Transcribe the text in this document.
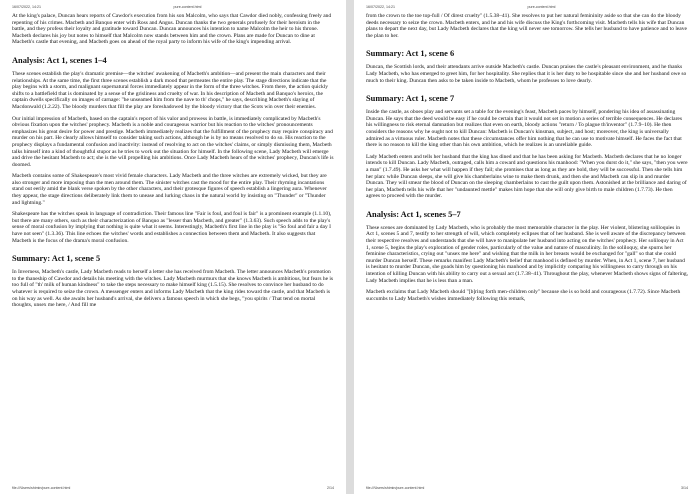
16/07/2022, 14:21	pure-content.html

At the king's palace, Duncan hears reports of Cawdor's execution from his son Malcolm, who says that Cawdor died nobly, confessing freely and repenting of his crimes. Macbeth and Banquo enter with Ross and Angus. Duncan thanks the two generals profusely for their heroism in the battle, and they profess their loyalty and gratitude toward Duncan. Duncan announces his intention to name Malcolm the heir to his throne. Macbeth declares his joy but notes to himself that Malcolm now stands between him and the crown. Plans are made for Duncan to dine at Macbeth's castle that evening, and Macbeth goes on ahead of the royal party to inform his wife of the king's impending arrival.

Analysis: Act 1, scenes 1–4

These scenes establish the play's dramatic premise—the witches' awakening of Macbeth's ambition—and present the main characters and their relationships. At the same time, the first three scenes establish a dark mood that permeates the entire play. The stage directions indicate that the play begins with a storm, and malignant supernatural forces immediately appear in the form of the three witches. From there, the action quickly shifts to a battlefield that is dominated by a sense of the grisliness and cruelty of war. In his description of Macbeth and Banquo's heroics, the captain dwells specifically on images of carnage: "he unseamed him from the nave to th' chops," he says, describing Macbeth's slaying of Macdonwald (1.2.22). The bloody murders that fill the play are foreshadowed by the bloody victory that the Scots win over their enemies.

Our initial impression of Macbeth, based on the captain's report of his valor and prowess in battle, is immediately complicated by Macbeth's obvious fixation upon the witches' prophecy. Macbeth is a noble and courageous warrior but his reaction to the witches' pronouncements emphasizes his great desire for power and prestige. Macbeth immediately realizes that the fulfillment of the prophecy may require conspiracy and murder on his part. He clearly allows himself to consider taking such actions, although he is by no means resolved to do so. His reaction to the prophecy displays a fundamental confusion and inactivity: instead of resolving to act on the witches' claims, or simply dismissing them, Macbeth talks himself into a kind of thoughtful stupor as he tries to work out the situation for himself. In the following scene, Lady Macbeth will emerge and drive the hesitant Macbeth to act; she is the will propelling his ambitions. Once Lady Macbeth hears of the witches' prophecy, Duncan's life is doomed.

Macbeth contains some of Shakespeare's most vivid female characters. Lady Macbeth and the three witches are extremely wicked, but they are also stronger and more imposing than the men around them. The sinister witches cast the mood for the entire play. Their rhyming incantations stand out eerily amid the blank verse spoken by the other characters, and their grotesque figures of speech establish a lingering aura. Whenever they appear, the stage directions deliberately link them to unease and lurking chaos in the natural world by insisting on "Thunder" or "Thunder and lightning."

Shakespeare has the witches speak in language of contradiction. Their famous line "Fair is foul, and foul is fair" is a prominent example (1.1.10), but there are many others, such as their characterization of Banquo as "lesser than Macbeth, and greater" (1.3.63). Such speech adds to the play's sense of moral confusion by implying that nothing is quite what it seems. Interestingly, Macbeth's first line in the play is "So foul and fair a day I have not seen" (1.3.36). This line echoes the witches' words and establishes a connection between them and Macbeth. It also suggests that Macbeth is the focus of the drama's moral confusion.

Summary: Act 1, scene 5

In Inverness, Macbeth's castle, Lady Macbeth reads to herself a letter she has received from Macbeth. The letter announces Macbeth's promotion to the thaneship of Cawdor and details his meeting with the witches. Lady Macbeth murmurs that she knows Macbeth is ambitious, but fears he is too full of "th' milk of human kindness" to take the steps necessary to make himself king (1.5.15). She resolves to convince her husband to do whatever is required to seize the crown. A messenger enters and informs Lady Macbeth that the king rides toward the castle, and that Macbeth is on his way as well. As she awaits her husband's arrival, she delivers a famous speech in which she begs, "you spirits / That tend on mortal thoughts, unsex me here, / And fill me

file:///Users/shimin/pure-content.html	2/14
16/07/2022, 14:21	pure-content.html

from the crown to the toe top-full / Of direst cruelty" (1.5.38–41). She resolves to put her natural femininity aside so that she can do the bloody deeds necessary to seize the crown. Macbeth enters, and he and his wife discuss the King's forthcoming visit. Macbeth tells his wife that Duncan plans to depart the next day, but Lady Macbeth declares that the king will never see tomorrow. She tells her husband to have patience and to leave the plan to her.

Summary: Act 1, scene 6

Duncan, the Scottish lords, and their attendants arrive outside Macbeth's castle. Duncan praises the castle's pleasant environment, and he thanks Lady Macbeth, who has emerged to greet him, for her hospitality. She replies that it is her duty to be hospitable since she and her husband owe so much to their king. Duncan then asks to be taken inside to Macbeth, whom he professes to love dearly.

Summary: Act 1, scene 7

Inside the castle, as oboes play and servants set a table for the evening's feast, Macbeth paces by himself, pondering his idea of assassinating Duncan. He says that the deed would be easy if he could be certain that it would not set in motion a series of terrible consequences. He declares his willingness to risk eternal damnation but realizes that even on earth, bloody actions "return / To plague th'inventor" (1.7.9–10). He then considers the reasons why he ought not to kill Duncan: Macbeth is Duncan's kinsman, subject, and host; moreover, the king is universally admired as a virtuous ruler. Macbeth notes that these circumstances offer him nothing that he can use to motivate himself. He faces the fact that there is no reason to kill the king other than his own ambition, which he realizes is an unreliable guide.

Lady Macbeth enters and tells her husband that the king has dined and that he has been asking for Macbeth. Macbeth declares that he no longer intends to kill Duncan. Lady Macbeth, outraged, calls him a coward and questions his manhood: "When you durst do it," she says, "then you were a man" (1.7.49). He asks her what will happen if they fail; she promises that as long as they are bold, they will be successful. Then she tells him her plan: while Duncan sleeps, she will give his chamberlains wine to make them drunk, and then she and Macbeth can slip in and murder Duncan. They will smear the blood of Duncan on the sleeping chamberlains to cast the guilt upon them. Astonished at the brilliance and daring of her plan, Macbeth tells his wife that her "undaunted mettle" makes him hope that she will only give birth to male children (1.7.73). He then agrees to proceed with the murder.

Analysis: Act 1, scenes 5–7

These scenes are dominated by Lady Macbeth, who is probably the most memorable character in the play. Her violent, blistering soliloquies in Act 1, scenes 5 and 7, testify to her strength of will, which completely eclipses that of her husband. She is well aware of the discrepancy between their respective resolves and understands that she will have to manipulate her husband into acting on the witches' prophecy. Her soliloquy in Act 1, scene 5, begins the play's exploration of gender roles, particularly of the value and nature of masculinity. In the soliloquy, she spurns her feminine characteristics, crying out "unsex me here" and wishing that the milk in her breasts would be exchanged for "gall" so that she could murder Duncan herself. These remarks manifest Lady Macbeth's belief that manhood is defined by murder. When, in Act 1, scene 7, her husband is hesitant to murder Duncan, she goads him by questioning his manhood and by implicitly comparing his willingness to carry through on his intention of killing Duncan with his ability to carry out a sexual act (1.7.38–41). Throughout the play, whenever Macbeth shows signs of faltering, Lady Macbeth implies that he is less than a man.

Macbeth exclaims that Lady Macbeth should "[b]ring forth men-children only" because she is so bold and courageous (1.7.72). Since Macbeth succumbs to Lady Macbeth's wishes immediately following this remark,

file:///Users/shimin/pure-content.html	3/14
